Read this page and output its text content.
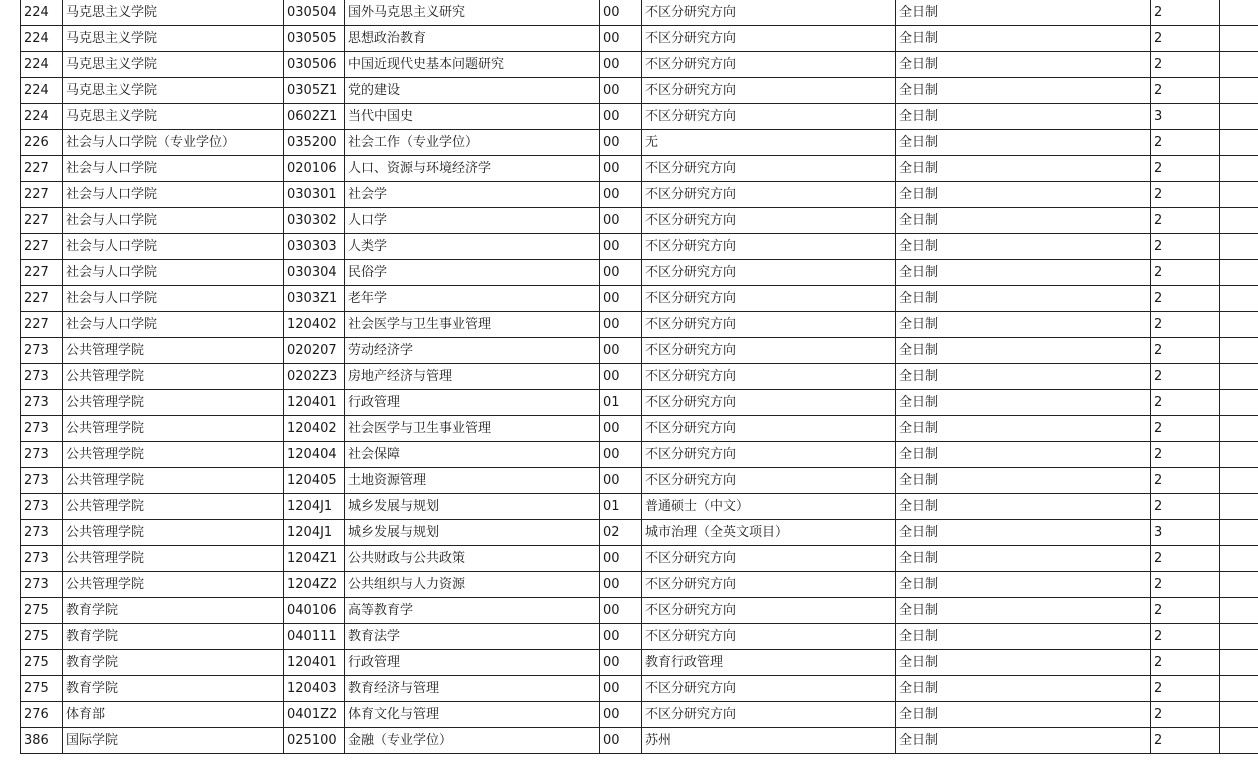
224	马克思主义学院	030504	国外马克思主义研究	00	不区分研究方向	全日制	2	
224	马克思主义学院	030505	思想政治教育	00	不区分研究方向	全日制	2	
224	马克思主义学院	030506	中国近现代史基本问题研究	00	不区分研究方向	全日制	2	
224	马克思主义学院	0305Z1	党的建设	00	不区分研究方向	全日制	2	
224	马克思主义学院	0602Z1	当代中国史	00	不区分研究方向	全日制	3	
226	社会与人口学院（专业学位）	035200	社会工作（专业学位）	00	无	全日制	2	
227	社会与人口学院	020106	人口、资源与环境经济学	00	不区分研究方向	全日制	2	
227	社会与人口学院	030301	社会学	00	不区分研究方向	全日制	2	
227	社会与人口学院	030302	人口学	00	不区分研究方向	全日制	2	
227	社会与人口学院	030303	人类学	00	不区分研究方向	全日制	2	
227	社会与人口学院	030304	民俗学	00	不区分研究方向	全日制	2	
227	社会与人口学院	0303Z1	老年学	00	不区分研究方向	全日制	2	
227	社会与人口学院	120402	社会医学与卫生事业管理	00	不区分研究方向	全日制	2	
273	公共管理学院	020207	劳动经济学	00	不区分研究方向	全日制	2	
273	公共管理学院	0202Z3	房地产经济与管理	00	不区分研究方向	全日制	2	
273	公共管理学院	120401	行政管理	01	不区分研究方向	全日制	2	
273	公共管理学院	120402	社会医学与卫生事业管理	00	不区分研究方向	全日制	2	
273	公共管理学院	120404	社会保障	00	不区分研究方向	全日制	2	
273	公共管理学院	120405	土地资源管理	00	不区分研究方向	全日制	2	
273	公共管理学院	1204J1	城乡发展与规划	01	普通硕士（中文）	全日制	2	
273	公共管理学院	1204J1	城乡发展与规划	02	城市治理（全英文项目）	全日制	3	
273	公共管理学院	1204Z1	公共财政与公共政策	00	不区分研究方向	全日制	2	
273	公共管理学院	1204Z2	公共组织与人力资源	00	不区分研究方向	全日制	2	
275	教育学院	040106	高等教育学	00	不区分研究方向	全日制	2	
275	教育学院	040111	教育法学	00	不区分研究方向	全日制	2	
275	教育学院	120401	行政管理	00	教育行政管理	全日制	2	
275	教育学院	120403	教育经济与管理	00	不区分研究方向	全日制	2	
276	体育部	0401Z2	体育文化与管理	00	不区分研究方向	全日制	2	
386	国际学院	025100	金融（专业学位）	00	苏州	全日制	2	
